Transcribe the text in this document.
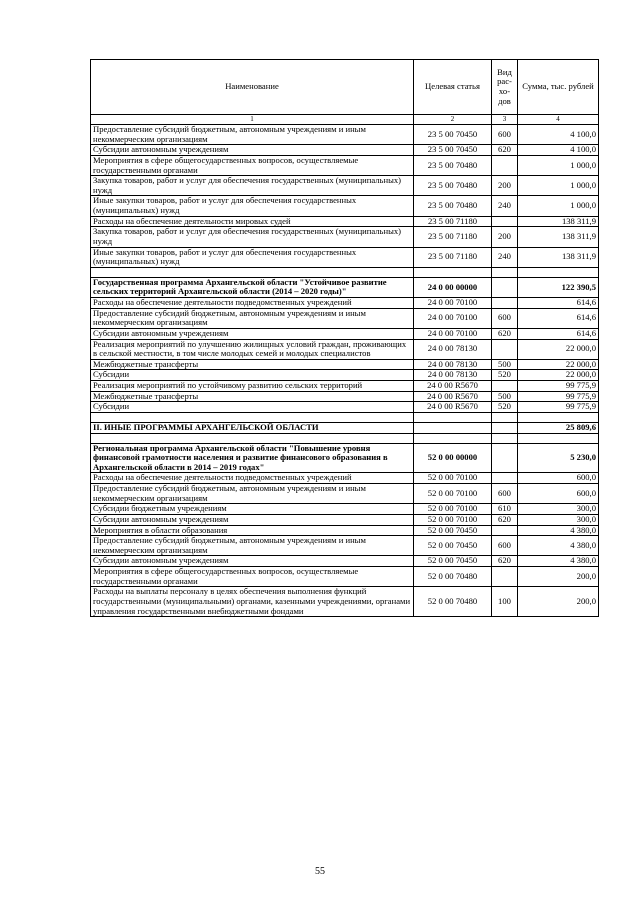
Наименование	Целевая статья	Вид рас-хо-дов	Сумма, тыс. рублей
1	2	3	4
Предоставление субсидий бюджетным, автономным учреждениям и иным некоммерческим организациям	23 5 00 70450	600	4 100,0
Субсидии автономным учреждениям	23 5 00 70450	620	4 100,0
Мероприятия в сфере общегосударственных вопросов, осуществляемые государственными органами	23 5 00 70480		1 000,0
Закупка товаров, работ и услуг для обеспечения государственных (муниципальных) нужд	23 5 00 70480	200	1 000,0
Иные закупки товаров, работ и услуг для обеспечения государственных (муниципальных) нужд	23 5 00 70480	240	1 000,0
Расходы на обеспечение деятельности мировых судей	23 5 00 71180		138 311,9
Закупка товаров, работ и услуг для обеспечения государственных (муниципальных) нужд	23 5 00 71180	200	138 311,9
Иные закупки товаров, работ и услуг для обеспечения государственных (муниципальных) нужд	23 5 00 71180	240	138 311,9

Государственная программа Архангельской области "Устойчивое развитие сельских территорий Архангельской области (2014 – 2020 годы)"	24 0 00 00000		122 390,5
Расходы на обеспечение деятельности подведомственных учреждений	24 0 00 70100		614,6
Предоставление субсидий бюджетным, автономным учреждениям и иным некоммерческим организациям	24 0 00 70100	600	614,6
Субсидии автономным учреждениям	24 0 00 70100	620	614,6
Реализация мероприятий по улучшению жилищных условий граждан, проживающих в сельской местности, в том числе молодых семей и молодых специалистов	24 0 00 78130		22 000,0
Межбюджетные трансферты	24 0 00 78130	500	22 000,0
Субсидии	24 0 00 78130	520	22 000,0
Реализация мероприятий по устойчивому развитию сельских территорий	24 0 00 R5670		99 775,9
Межбюджетные трансферты	24 0 00 R5670	500	99 775,9
Субсидии	24 0 00 R5670	520	99 775,9

II. ИНЫЕ ПРОГРАММЫ АРХАНГЕЛЬСКОЙ ОБЛАСТИ			25 809,6

Региональная программа Архангельской области "Повышение уровня финансовой грамотности населения и развитие финансового образования в Архангельской области в 2014 – 2019 годах"	52 0 00 00000		5 230,0
Расходы на обеспечение деятельности подведомственных учреждений	52 0 00 70100		600,0
Предоставление субсидий бюджетным, автономным учреждениям и иным некоммерческим организациям	52 0 00 70100	600	600,0
Субсидии бюджетным учреждениям	52 0 00 70100	610	300,0
Субсидии автономным учреждениям	52 0 00 70100	620	300,0
Мероприятия в области образования	52 0 00 70450		4 380,0
Предоставление субсидий бюджетным, автономным учреждениям и иным некоммерческим организациям	52 0 00 70450	600	4 380,0
Субсидии автономным учреждениям	52 0 00 70450	620	4 380,0
Мероприятия в сфере общегосударственных вопросов, осуществляемые государственными органами	52 0 00 70480		200,0
Расходы на выплаты персоналу в целях обеспечения выполнения функций государственными (муниципальными) органами, казенными учреждениями, органами управления государственными внебюджетными фондами	52 0 00 70480	100	200,0
55
